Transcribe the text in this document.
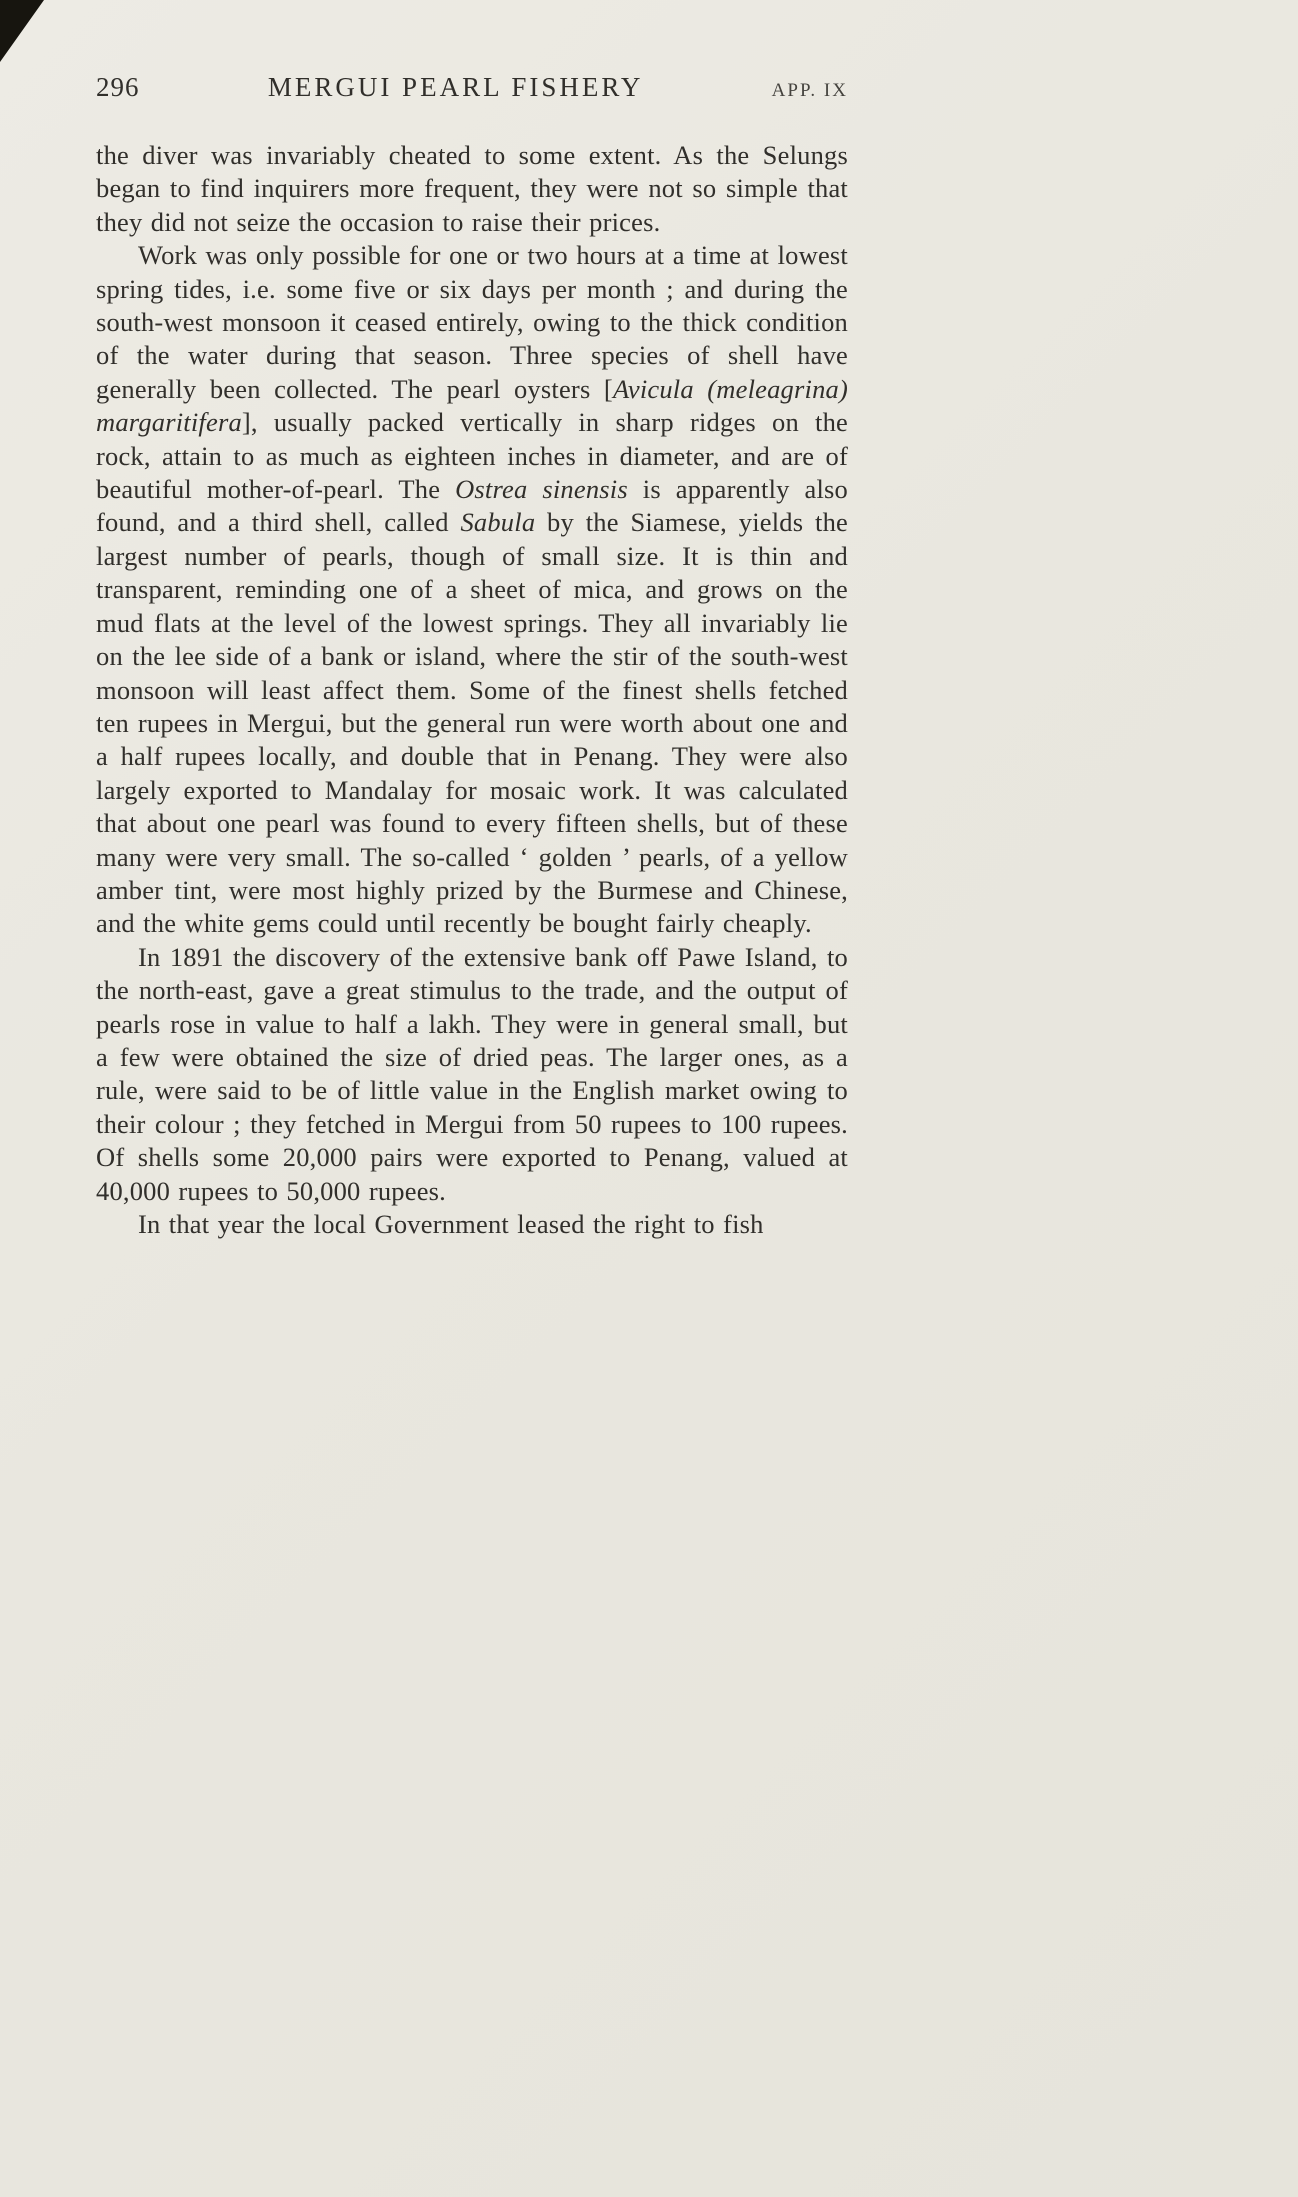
296	MERGUI PEARL FISHERY	APP. IX

the diver was invariably cheated to some extent. As the Selungs began to find inquirers more frequent, they were not so simple that they did not seize the occasion to raise their prices.

Work was only possible for one or two hours at a time at lowest spring tides, i.e. some five or six days per month ; and during the south-west monsoon it ceased entirely, owing to the thick condition of the water during that season. Three species of shell have generally been collected. The pearl oysters [Avicula (meleagrina) margaritifera], usually packed vertically in sharp ridges on the rock, attain to as much as eighteen inches in diameter, and are of beautiful mother-of-pearl. The Ostrea sinensis is apparently also found, and a third shell, called Sabula by the Siamese, yields the largest number of pearls, though of small size. It is thin and transparent, reminding one of a sheet of mica, and grows on the mud flats at the level of the lowest springs. They all invariably lie on the lee side of a bank or island, where the stir of the south-west monsoon will least affect them. Some of the finest shells fetched ten rupees in Mergui, but the general run were worth about one and a half rupees locally, and double that in Penang. They were also largely exported to Mandalay for mosaic work. It was calculated that about one pearl was found to every fifteen shells, but of these many were very small. The so-called ‘ golden ’ pearls, of a yellow amber tint, were most highly prized by the Burmese and Chinese, and the white gems could until recently be bought fairly cheaply.

In 1891 the discovery of the extensive bank off Pawe Island, to the north-east, gave a great stimulus to the trade, and the output of pearls rose in value to half a lakh. They were in general small, but a few were obtained the size of dried peas. The larger ones, as a rule, were said to be of little value in the English market owing to their colour ; they fetched in Mergui from 50 rupees to 100 rupees. Of shells some 20,000 pairs were exported to Penang, valued at 40,000 rupees to 50,000 rupees.

In that year the local Government leased the right to fish
